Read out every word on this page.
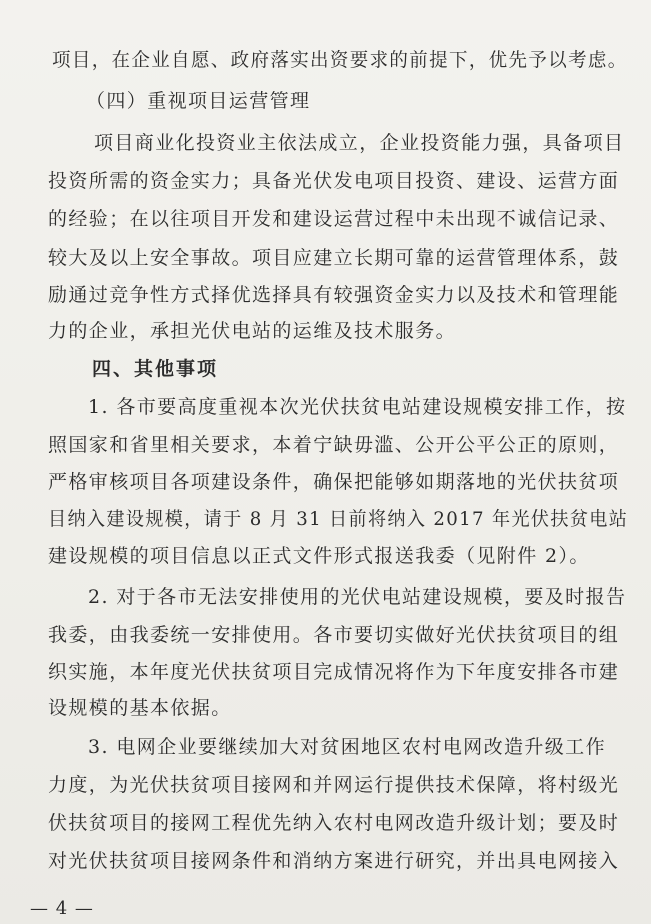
项目，在企业自愿、政府落实出资要求的前提下，优先予以考虑。
（四）重视项目运营管理
项目商业化投资业主依法成立，企业投资能力强，具备项目
投资所需的资金实力；具备光伏发电项目投资、建设、运营方面
的经验；在以往项目开发和建设运营过程中未出现不诚信记录、
较大及以上安全事故。项目应建立长期可靠的运营管理体系，鼓
励通过竞争性方式择优选择具有较强资金实力以及技术和管理能
力的企业，承担光伏电站的运维及技术服务。
四、其他事项
1. 各市要高度重视本次光伏扶贫电站建设规模安排工作，按
照国家和省里相关要求，本着宁缺毋滥、公开公平公正的原则，
严格审核项目各项建设条件，确保把能够如期落地的光伏扶贫项
目纳入建设规模，请于 8 月 31 日前将纳入 2017 年光伏扶贫电站
建设规模的项目信息以正式文件形式报送我委（见附件 2）。
2. 对于各市无法安排使用的光伏电站建设规模，要及时报告
我委，由我委统一安排使用。各市要切实做好光伏扶贫项目的组
织实施，本年度光伏扶贫项目完成情况将作为下年度安排各市建
设规模的基本依据。
3. 电网企业要继续加大对贫困地区农村电网改造升级工作
力度，为光伏扶贫项目接网和并网运行提供技术保障，将村级光
伏扶贫项目的接网工程优先纳入农村电网改造升级计划；要及时
对光伏扶贫项目接网条件和消纳方案进行研究，并出具电网接入
— 4 —
